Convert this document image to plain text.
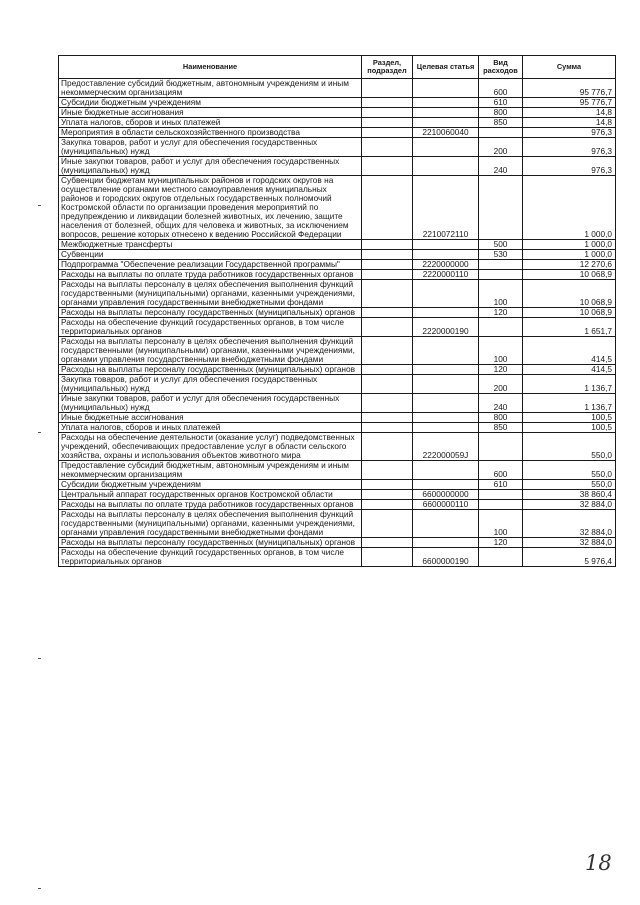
Наименование	Раздел, подраздел	Целевая статья	Вид расходов	Сумма
Предоставление субсидий бюджетным, автономным учреждениям и иным некоммерческим организациям			600	95 776,7
Субсидии бюджетным учреждениям			610	95 776,7
Иные бюджетные ассигнования			800	14,8
Уплата налогов, сборов и иных платежей			850	14,8
Мероприятия в области сельскохозяйственного производства		2210060040		976,3
Закупка товаров, работ и услуг для обеспечения государственных (муниципальных) нужд			200	976,3
Иные закупки товаров, работ и услуг для обеспечения государственных (муниципальных) нужд			240	976,3
Субвенции бюджетам муниципальных районов и городских округов на осуществление органами местного самоуправления муниципальных районов и городских округов отдельных государственных полномочий Костромской области по организации проведения мероприятий по предупреждению и ликвидации болезней животных, их лечению, защите населения от болезней, общих для человека и животных, за исключением вопросов, решение которых отнесено к ведению Российской Федерации		2210072110		1 000,0
Межбюджетные трансферты			500	1 000,0
Субвенции			530	1 000,0
Подпрограмма "Обеспечение реализации Государственной программы"		2220000000		12 270,6
Расходы на выплаты по оплате труда работников государственных органов		2220000110		10 068,9
Расходы на выплаты персоналу в целях обеспечения выполнения функций государственными (муниципальными) органами, казенными учреждениями, органами управления государственными внебюджетными фондами			100	10 068,9
Расходы на выплаты персоналу государственных (муниципальных) органов			120	10 068,9
Расходы на обеспечение функций государственных органов, в том числе территориальных органов		2220000190		1 651,7
Расходы на выплаты персоналу в целях обеспечения выполнения функций государственными (муниципальными) органами, казенными учреждениями, органами управления государственными внебюджетными фондами			100	414,5
Расходы на выплаты персоналу государственных (муниципальных) органов			120	414,5
Закупка товаров, работ и услуг для обеспечения государственных (муниципальных) нужд			200	1 136,7
Иные закупки товаров, работ и услуг для обеспечения государственных (муниципальных) нужд			240	1 136,7
Иные бюджетные ассигнования			800	100,5
Уплата налогов, сборов и иных платежей			850	100,5
Расходы на обеспечение деятельности (оказание услуг) подведомственных учреждений, обеспечивающих предоставление услуг в области сельского хозяйства, охраны и использования объектов животного мира		222000059J		550,0
Предоставление субсидий бюджетным, автономным учреждениям и иным некоммерческим организациям			600	550,0
Субсидии бюджетным учреждениям			610	550,0
Центральный аппарат государственных органов Костромской области		6600000000		38 860,4
Расходы на выплаты по оплате труда работников государственных органов		6600000110		32 884,0
Расходы на выплаты персоналу в целях обеспечения выполнения функций государственными (муниципальными) органами, казенными учреждениями, органами управления государственными внебюджетными фондами			100	32 884,0
Расходы на выплаты персоналу государственных (муниципальных) органов			120	32 884,0
Расходы на обеспечение функций государственных органов, в том числе территориальных органов		6600000190		5 976,4
18
